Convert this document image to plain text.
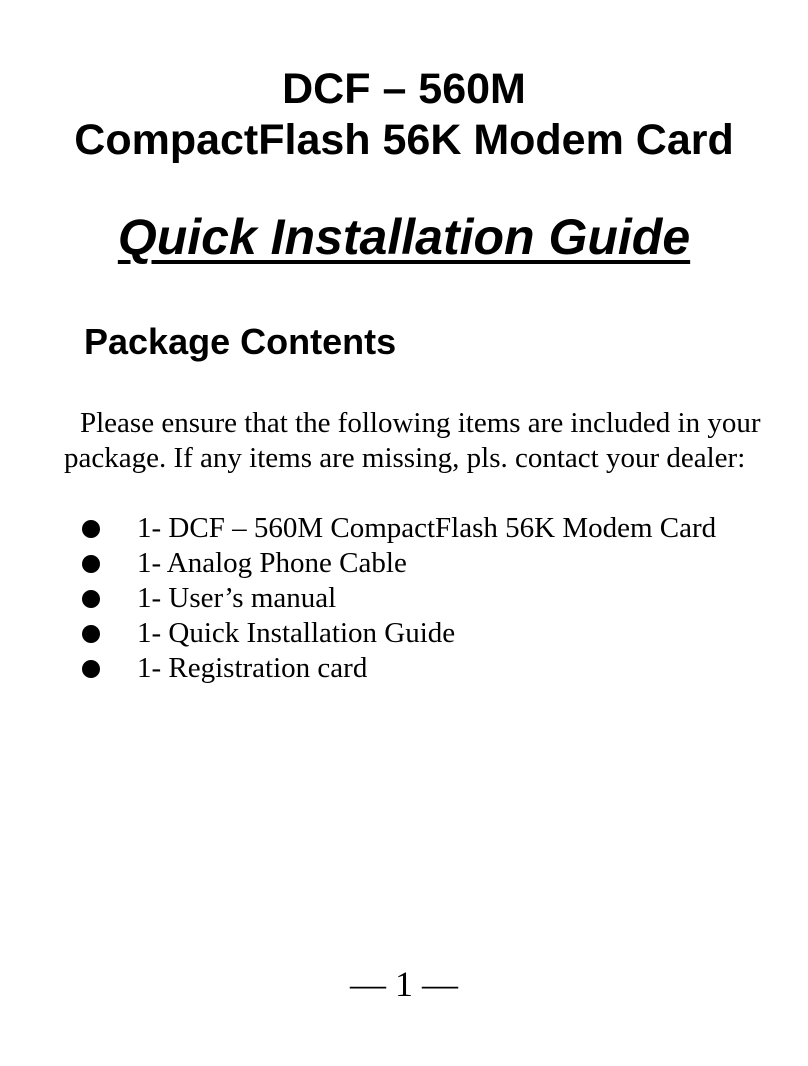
DCF – 560M
CompactFlash 56K Modem Card
Quick Installation Guide
Package Contents
Please ensure that the following items are included in your package. If any items are missing, pls. contact your dealer:
1- DCF – 560M CompactFlash 56K Modem Card
1- Analog Phone Cable
1- User’s manual
1- Quick Installation Guide
1- Registration card
— 1 —
